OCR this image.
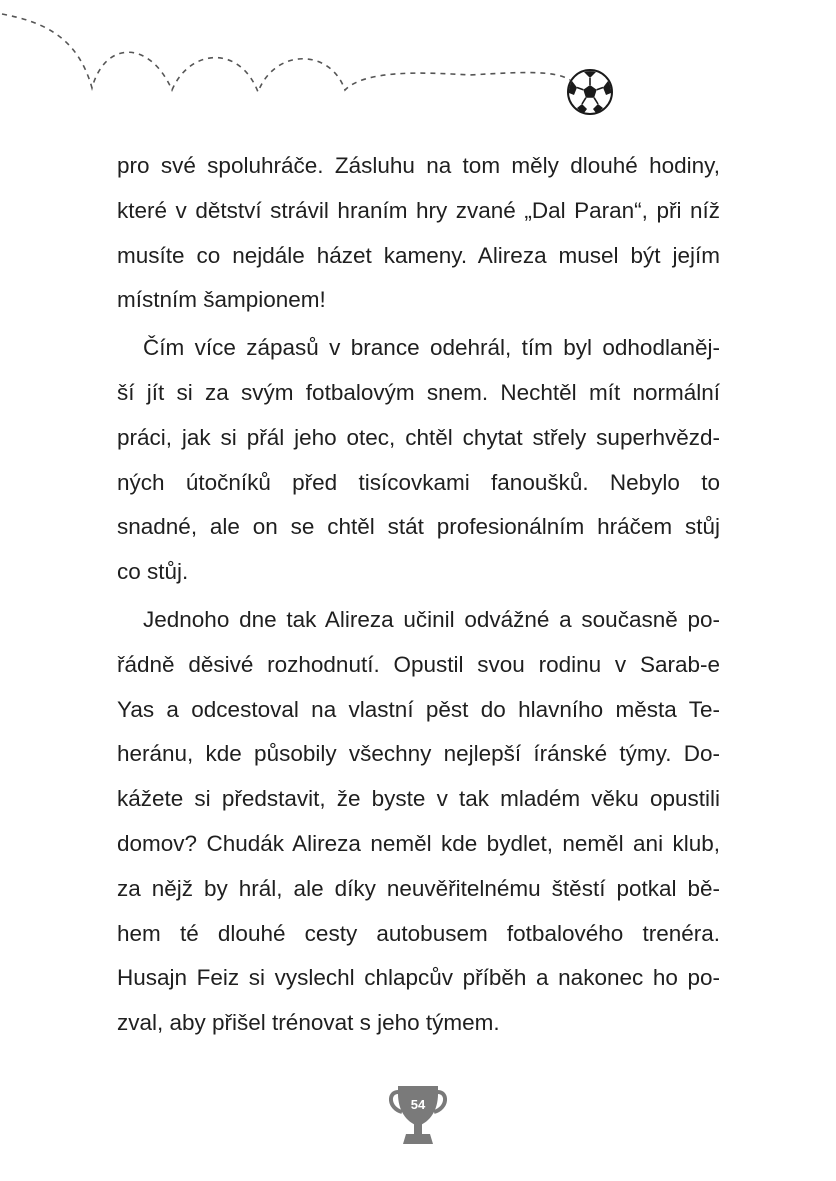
pro své spoluhráče. Zásluhu na tom měly dlouhé hodiny,
které v dětství strávil hraním hry zvané „Dal Paran“, při níž
musíte co nejdále házet kameny. Alireza musel být jejím
místním šampionem!
Čím více zápasů v brance odehrál, tím byl odhodlaněj-
ší jít si za svým fotbalovým snem. Nechtěl mít normální
práci, jak si přál jeho otec, chtěl chytat střely superhvězd-
ných útočníků před tisícovkami fanoušků. Nebylo to
snadné, ale on se chtěl stát profesionálním hráčem stůj
co stůj.
Jednoho dne tak Alireza učinil odvážné a současně po-
řádně děsivé rozhodnutí. Opustil svou rodinu v Sarab-e
Yas a odcestoval na vlastní pěst do hlavního města Te-
heránu, kde působily všechny nejlepší íránské týmy. Do-
kážete si představit, že byste v tak mladém věku opustili
domov? Chudák Alireza neměl kde bydlet, neměl ani klub,
za nějž by hrál, ale díky neuvěřitelnému štěstí potkal bě-
hem té dlouhé cesty autobusem fotbalového trenéra.
Husajn Feiz si vyslechl chlapcův příběh a nakonec ho po-
zval, aby přišel trénovat s jeho týmem.
54
